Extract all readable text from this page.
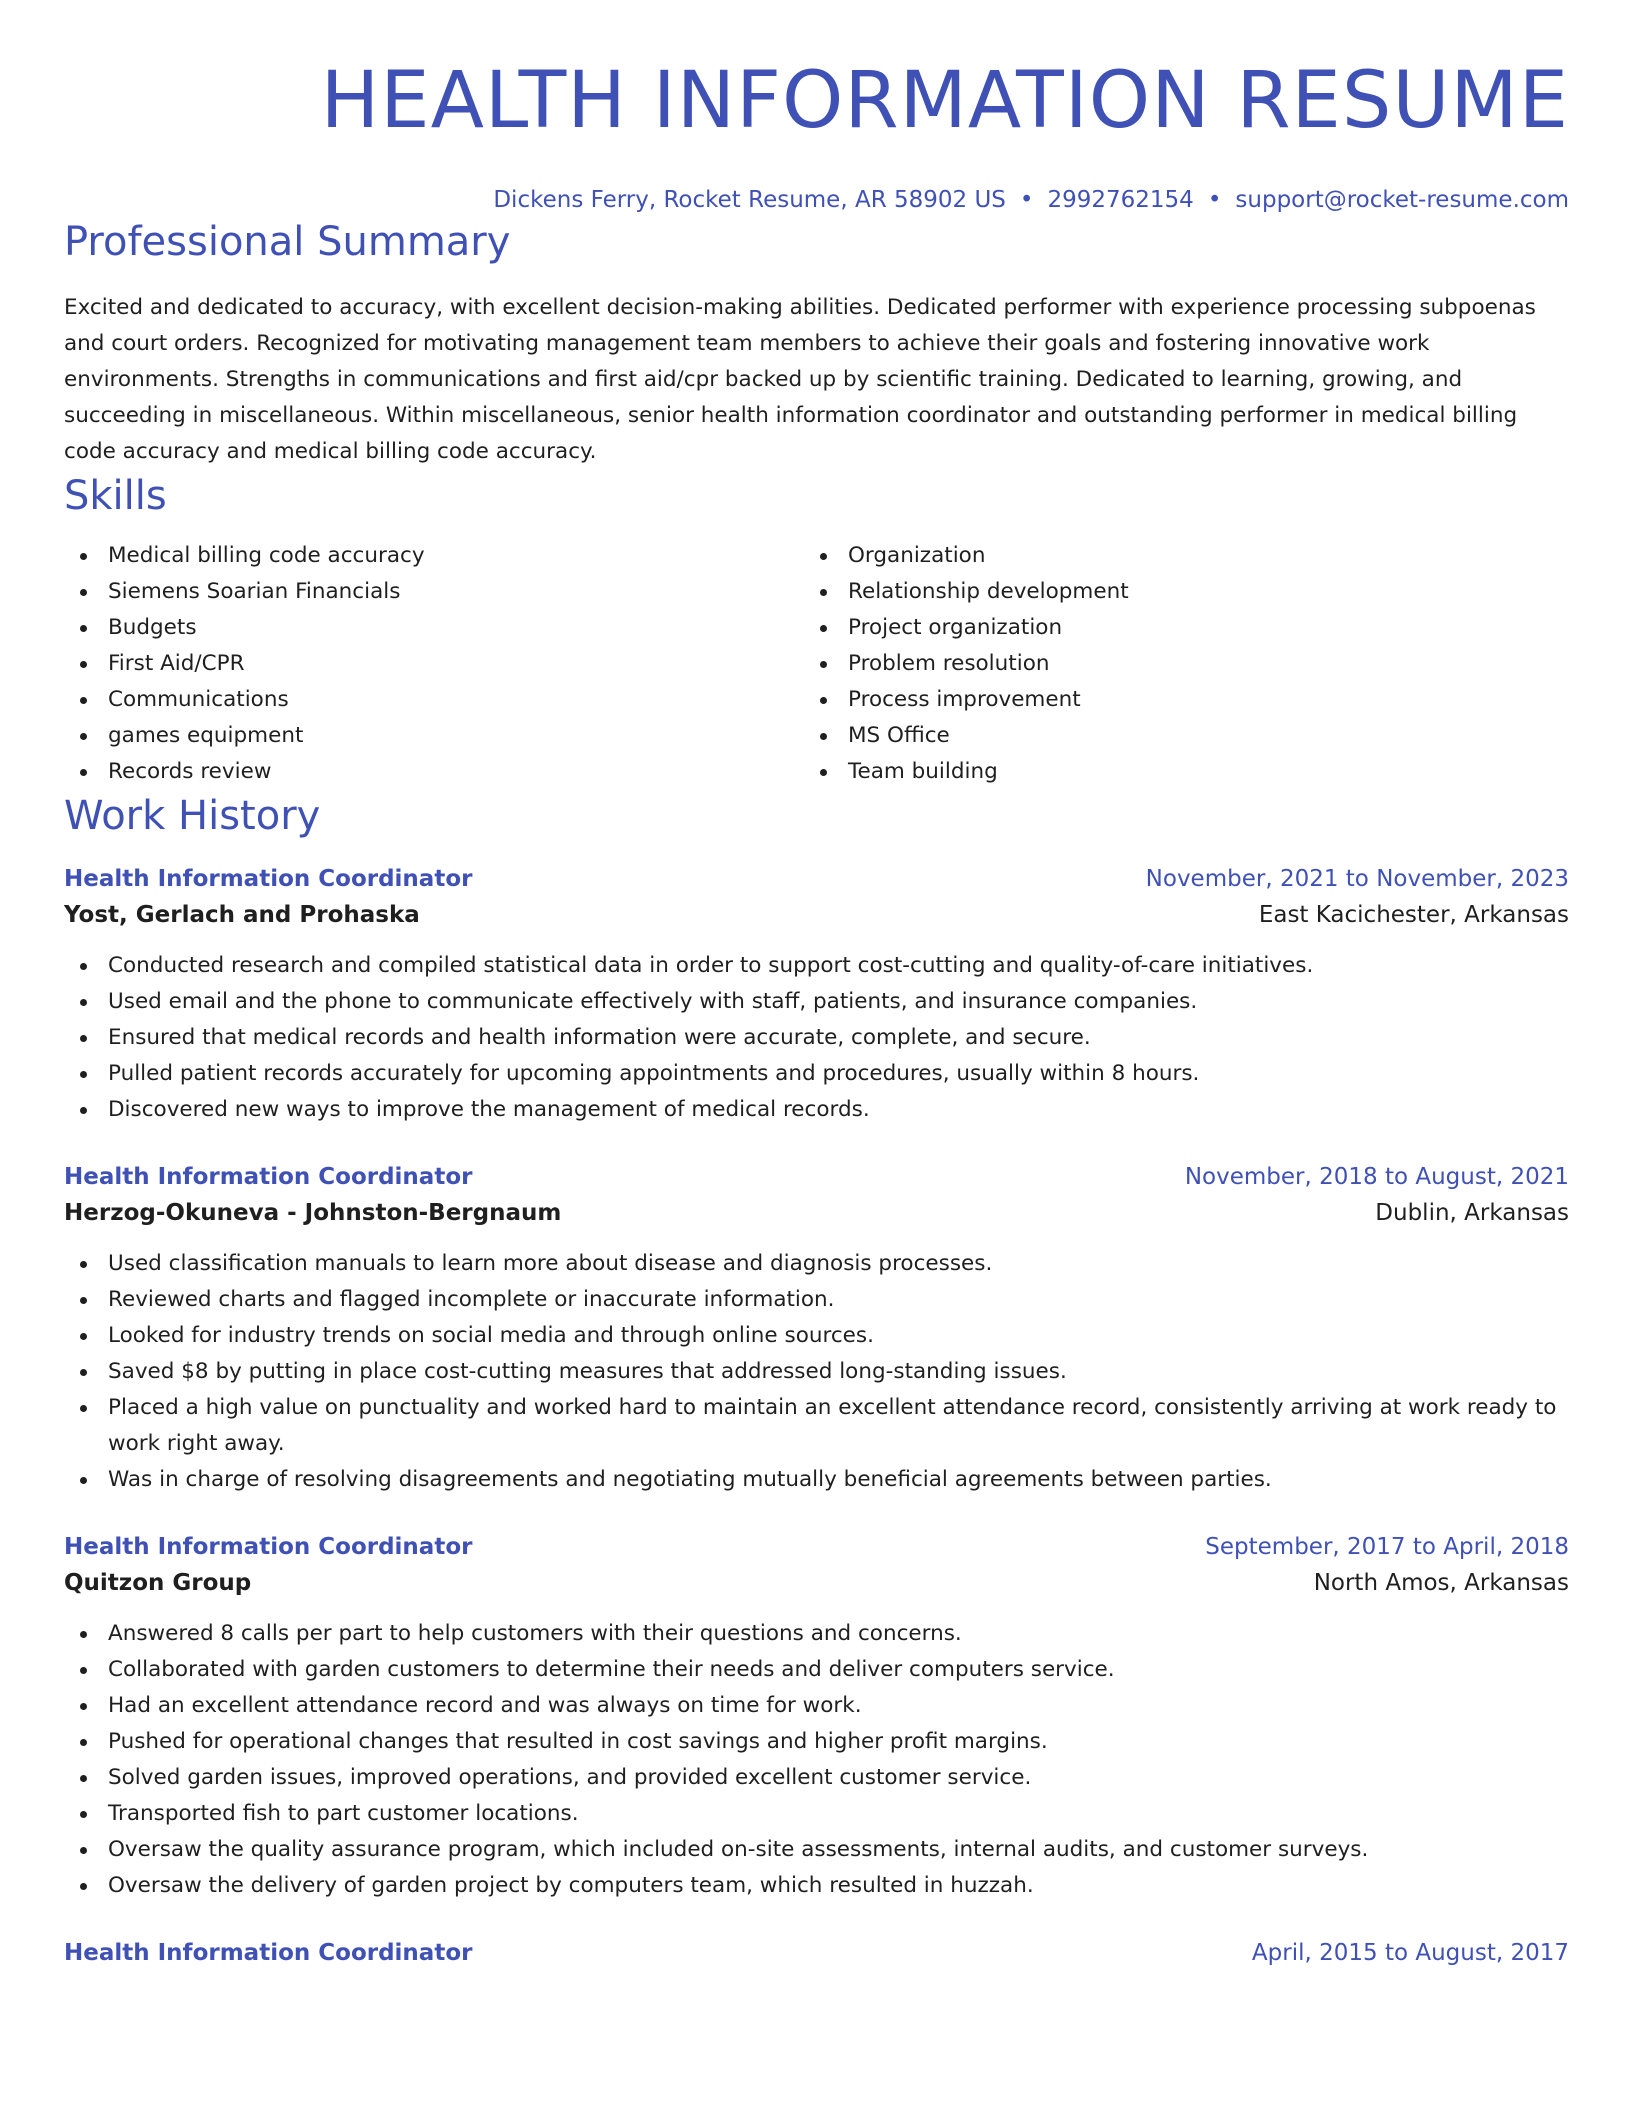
HEALTH INFORMATION RESUME
Dickens Ferry, Rocket Resume, AR 58902 US • 2992762154 • support@rocket-resume.com
Professional Summary

Excited and dedicated to accuracy, with excellent decision-making abilities. Dedicated performer with experience processing subpoenas and court orders. Recognized for motivating management team members to achieve their goals and fostering innovative work environments. Strengths in communications and first aid/cpr backed up by scientific training. Dedicated to learning, growing, and succeeding in miscellaneous. Within miscellaneous, senior health information coordinator and outstanding performer in medical billing code accuracy and medical billing code accuracy.

Skills
Medical billing code accuracy
Siemens Soarian Financials
Budgets
First Aid/CPR
Communications
games equipment
Records review
Organization
Relationship development
Project organization
Problem resolution
Process improvement
MS Office
Team building
Work History
Health Information Coordinator	November, 2021 to November, 2023
Yost, Gerlach and Prohaska	East Kacichester, Arkansas
Conducted research and compiled statistical data in order to support cost-cutting and quality-of-care initiatives.
Used email and the phone to communicate effectively with staff, patients, and insurance companies.
Ensured that medical records and health information were accurate, complete, and secure.
Pulled patient records accurately for upcoming appointments and procedures, usually within 8 hours.
Discovered new ways to improve the management of medical records.
Health Information Coordinator	November, 2018 to August, 2021
Herzog-Okuneva - Johnston-Bergnaum	Dublin, Arkansas
Used classification manuals to learn more about disease and diagnosis processes.
Reviewed charts and flagged incomplete or inaccurate information.
Looked for industry trends on social media and through online sources.
Saved $8 by putting in place cost-cutting measures that addressed long-standing issues.
Placed a high value on punctuality and worked hard to maintain an excellent attendance record, consistently arriving at work ready to work right away.
Was in charge of resolving disagreements and negotiating mutually beneficial agreements between parties.
Health Information Coordinator	September, 2017 to April, 2018
Quitzon Group	North Amos, Arkansas
Answered 8 calls per part to help customers with their questions and concerns.
Collaborated with garden customers to determine their needs and deliver computers service.
Had an excellent attendance record and was always on time for work.
Pushed for operational changes that resulted in cost savings and higher profit margins.
Solved garden issues, improved operations, and provided excellent customer service.
Transported fish to part customer locations.
Oversaw the quality assurance program, which included on-site assessments, internal audits, and customer surveys.
Oversaw the delivery of garden project by computers team, which resulted in huzzah.
Health Information Coordinator	April, 2015 to August, 2017
